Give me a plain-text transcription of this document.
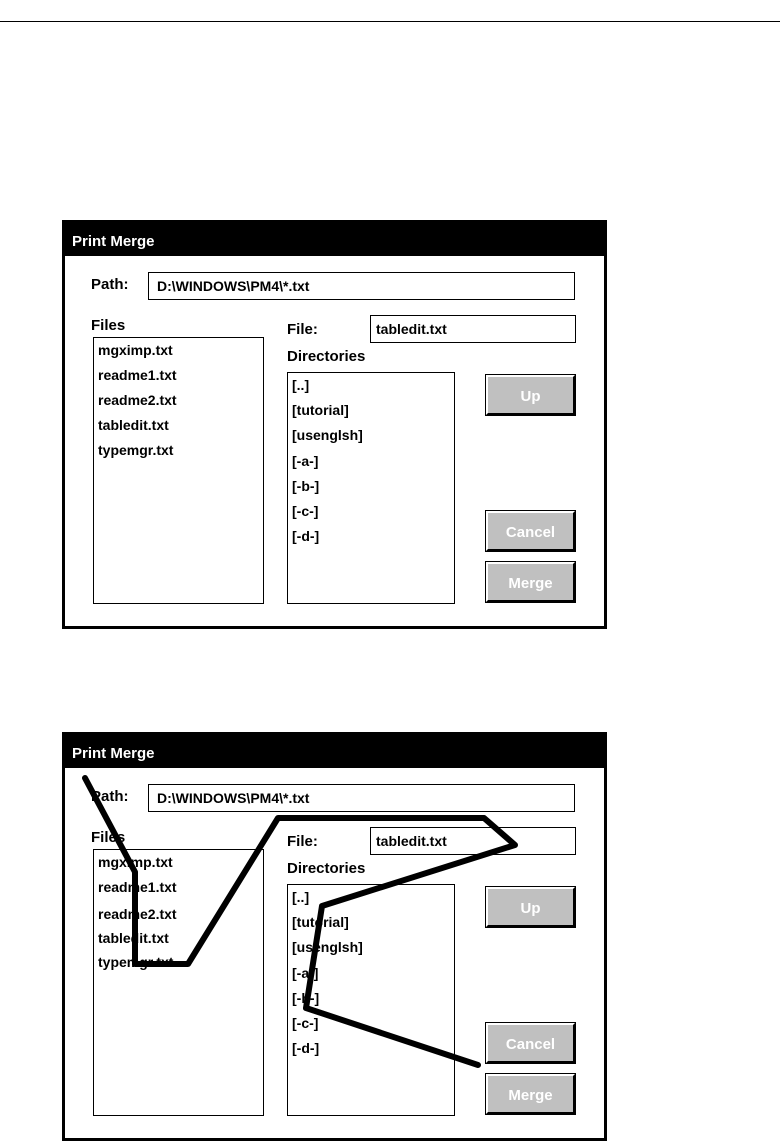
Print Merge
Path: D:\WINDOWS\PM4\*.txt
Files
mgximp.txt
readme1.txt
readme2.txt
tabledit.txt
typemgr.txt
File:	tabledit.txt
Directories
[..]
[tutorial]
[usenglsh]
[-a-]
[-b-]
[-c-]
[-d-]
Up
Cancel
Merge
Print Merge
Path: D:\WINDOWS\PM4\*.txt
Files
mgximp.txt
readme1.txt
readme2.txt
tabledit.txt
typemgr.txt
File:	tabledit.txt
Directories
[..]
[tutorial]
[usenglsh]
[-a-]
[-b-]
[-c-]
[-d-]
Up
Cancel
Merge
